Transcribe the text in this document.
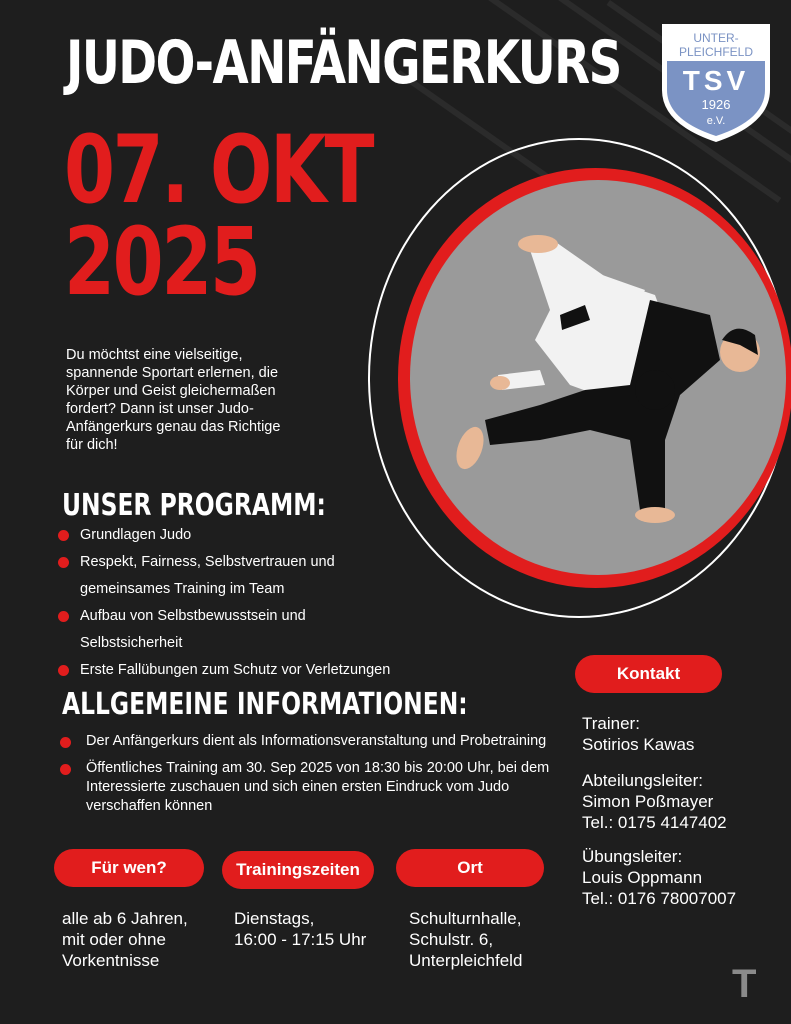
JUDO-ANFÄNGERKURS
07. OKT
2025
UNTER-
PLEICHFELD
TSV
1926
e.V.

Du möchtst eine vielseitige, spannende Sportart erlernen, die Körper und Geist gleichermaßen fordert? Dann ist unser Judo-Anfängerkurs genau das Richtige für dich!

UNSER PROGRAMM:
Grundlagen Judo
Respekt, Fairness, Selbstvertrauen und gemeinsames Training im Team
Aufbau von Selbstbewusstsein und Selbstsicherheit
Erste Fallübungen zum Schutz vor Verletzungen
ALLGEMEINE INFORMATIONEN:
Der Anfängerkurs dient als Informationsveranstaltung und Probetraining
Öffentliches Training am 30. Sep 2025 von 18:30 bis 20:00 Uhr, bei dem Interessierte zuschauen und sich einen ersten Eindruck vom Judo verschaffen können
Für wen?	Trainingszeiten	Ort
alle ab 6 Jahren,
mit oder ohne
Vorkentnisse
Dienstags,
16:00 - 17:15 Uhr
Schulturnhalle,
Schulstr. 6,
Unterpleichfeld
Kontakt
Trainer:
Sotirios Kawas
Abteilungsleiter:
Simon Poßmayer
Tel.: 0175 4147402
Übungsleiter:
Louis Oppmann
Tel.: 0176 78007007
T
